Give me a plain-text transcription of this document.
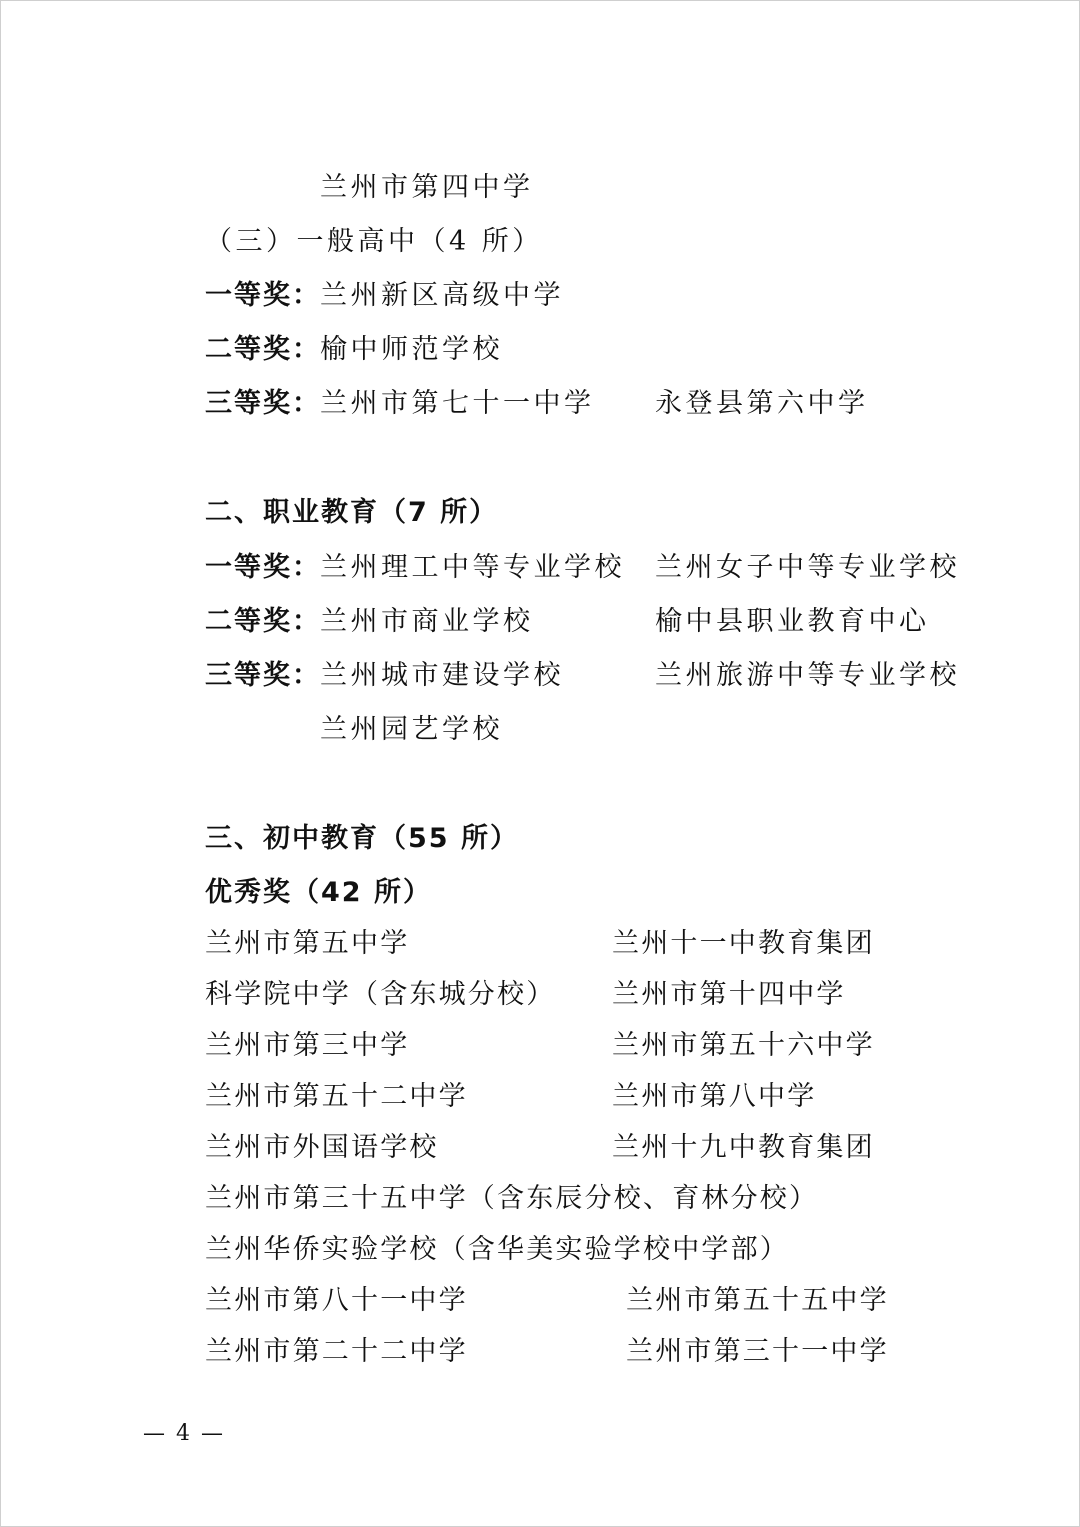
兰州市第四中学
（三）一般高中（4 所）
一等奖： 兰州新区高级中学
二等奖： 榆中师范学校
三等奖： 兰州市第七十一中学 永登县第六中学
二、职业教育（7 所）
一等奖： 兰州理工中等专业学校 兰州女子中等专业学校
二等奖： 兰州市商业学校	榆中县职业教育中心
三等奖： 兰州城市建设学校	兰州旅游中等专业学校
兰州园艺学校
三、初中教育（55 所）
优秀奖（42 所）
兰州市第五中学	兰州十一中教育集团
科学院中学（含东城分校） 兰州市第十四中学
兰州市第三中学	兰州市第五十六中学
兰州市第五十二中学	兰州市第八中学
兰州市外国语学校	兰州十九中教育集团
兰州市第三十五中学（含东辰分校、育林分校）
兰州华侨实验学校（含华美实验学校中学部）
兰州市第八十一中学	兰州市第五十五中学
兰州市第二十二中学	兰州市第三十一中学
— 4 —
